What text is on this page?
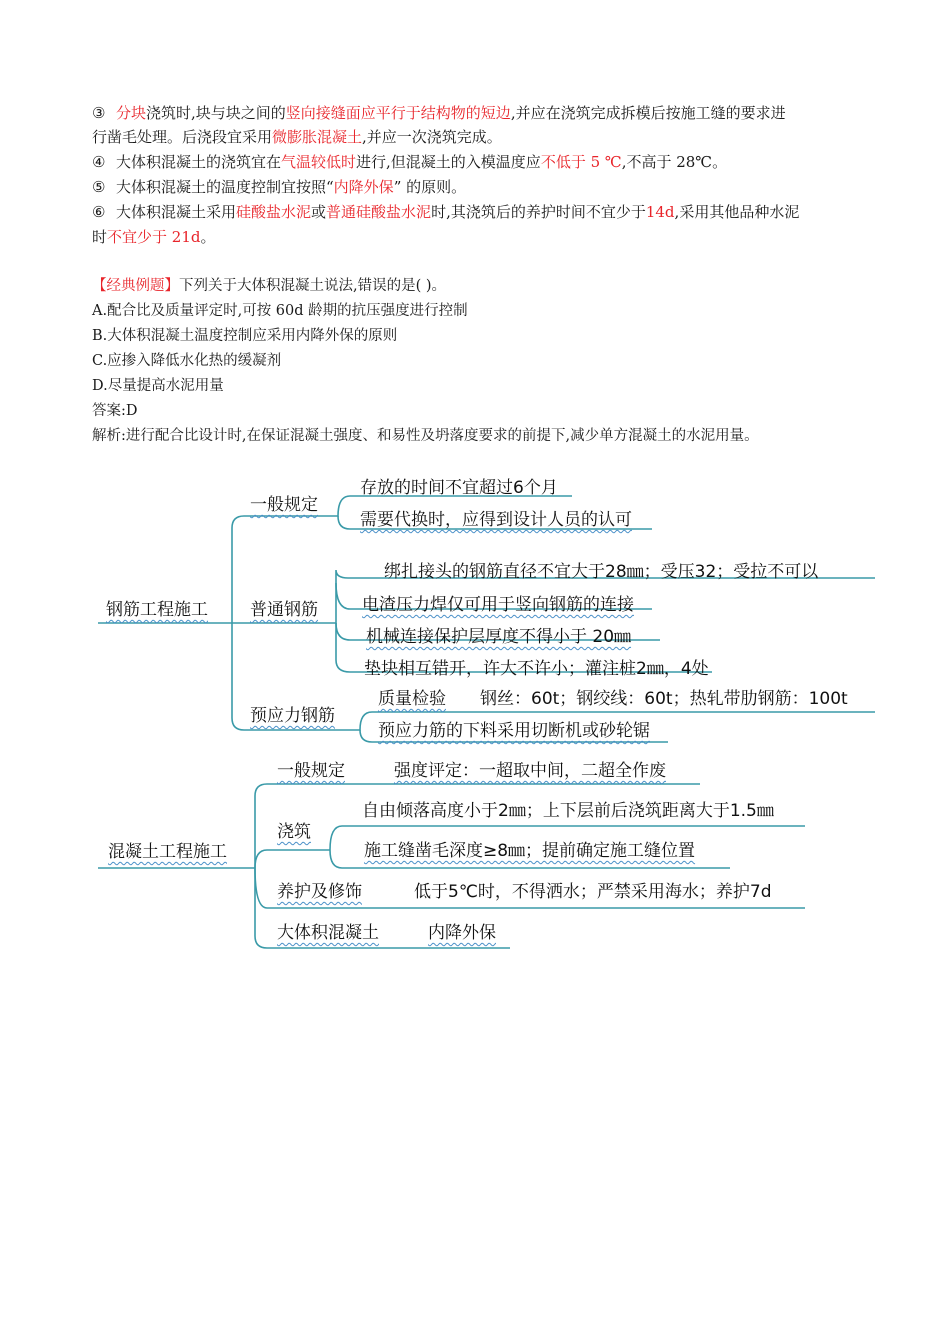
③ 分块浇筑时,块与块之间的竖向接缝面应平行于结构物的短边,并应在浇筑完成拆模后按施工缝的要求进
行凿毛处理。后浇段宜采用微膨胀混凝土,并应一次浇筑完成。
④ 大体积混凝土的浇筑宜在气温较低时进行,但混凝土的入模温度应不低于 5 ℃,不高于 28℃。
⑤ 大体积混凝土的温度控制宜按照“内降外保” 的原则。
⑥ 大体积混凝土采用硅酸盐水泥或普通硅酸盐水泥时,其浇筑后的养护时间不宜少于14d,采用其他品种水泥
时不宜少于 21d。
【经典例题】下列关于大体积混凝土说法,错误的是( )。
A.配合比及质量评定时,可按 60d 龄期的抗压强度进行控制
B.大体积混凝土温度控制应采用内降外保的原则
C.应掺入降低水化热的缓凝剂
D.尽量提高水泥用量
答案:D
解析:进行配合比设计时,在保证混凝土强度、和易性及坍落度要求的前提下,减少单方混凝土的水泥用量。
钢筋工程施工
一般规定
存放的时间不宜超过6个月
需要代换时，应得到设计人员的认可
普通钢筋
绑扎接头的钢筋直径不宜大于28㎜；受压32；受拉不可以
电渣压力焊仅可用于竖向钢筋的连接
机械连接保护层厚度不得小于 20㎜
垫块相互错开，许大不许小；灌注桩2㎜，4处
预应力钢筋
质量检验 钢丝：60t；钢绞线：60t；热轧带肋钢筋：100t
预应力筋的下料采用切断机或砂轮锯
混凝土工程施工
一般规定	强度评定：一超取中间，二超全作废
浇筑
自由倾落高度小于2㎜；上下层前后浇筑距离大于1.5㎜
施工缝凿毛深度≥8㎜；提前确定施工缝位置
养护及修饰	低于5℃时，不得洒水；严禁采用海水；养护7d
大体积混凝土	内降外保
